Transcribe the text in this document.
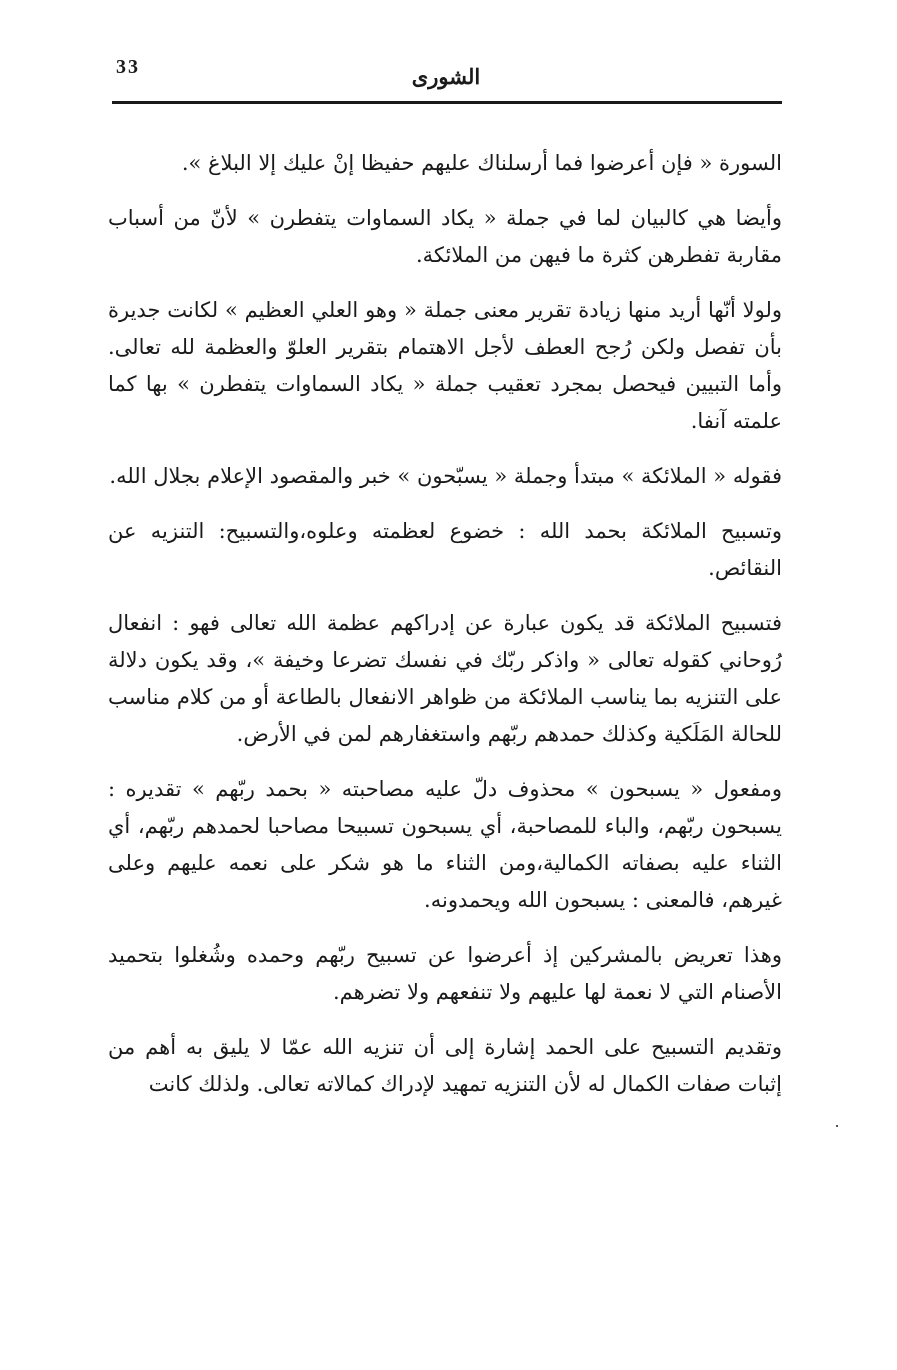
33	الشورى

السورة « فإن أعرضوا فما أرسلناك عليهم حفيظا إنْ عليك إلا البلاغ ».

وأيضا هي كالبيان لما في جملة « يكاد السماوات يتفطرن » لأنّ من أسباب مقاربة تفطرهن كثرة ما فيهن من الملائكة.

ولولا أنّها أريد منها زيادة تقرير معنى جملة « وهو العلي العظيم » لكانت جديرة بأن تفصل ولكن رُجح العطف لأجل الاهتمام بتقرير العلوّ والعظمة لله تعالى. وأما التبيين فيحصل بمجرد تعقيب جملة « يكاد السماوات يتفطرن » بها كما علمته آنفا.

فقوله « الملائكة » مبتدأ وجملة « يسبّحون » خبر والمقصود الإعلام بجلال الله.

وتسبيح الملائكة بحمد الله : خضوع لعظمته وعلوه،والتسبيح: التنزيه عن النقائص.

فتسبيح الملائكة قد يكون عبارة عن إدراكهم عظمة الله تعالى فهو : انفعال رُوحاني كقوله تعالى « واذكر ربّك في نفسك تضرعا وخيفة »، وقد يكون دلالة على التنزيه بما يناسب الملائكة من ظواهر الانفعال بالطاعة أو من كلام مناسب للحالة المَلَكية وكذلك حمدهم ربّهم واستغفارهم لمن في الأرض.

ومفعول « يسبحون » محذوف دلّ عليه مصاحبته « بحمد ربّهم » تقديره : يسبحون ربّهم، والباء للمصاحبة، أي يسبحون تسبيحا مصاحبا لحمدهم ربّهم، أي الثناء عليه بصفاته الكمالية،ومن الثناء ما هو شكر على نعمه عليهم وعلى غيرهم، فالمعنى : يسبحون الله ويحمدونه.

وهذا تعريض بالمشركين إذ أعرضوا عن تسبيح ربّهم وحمده وشُغلوا بتحميد الأصنام التي لا نعمة لها عليهم ولا تنفعهم ولا تضرهم.

وتقديم التسبيح على الحمد إشارة إلى أن تنزيه الله عمّا لا يليق به أهم من إثبات صفات الكمال له لأن التنزيه تمهيد لإدراك كمالاته تعالى. ولذلك كانت
